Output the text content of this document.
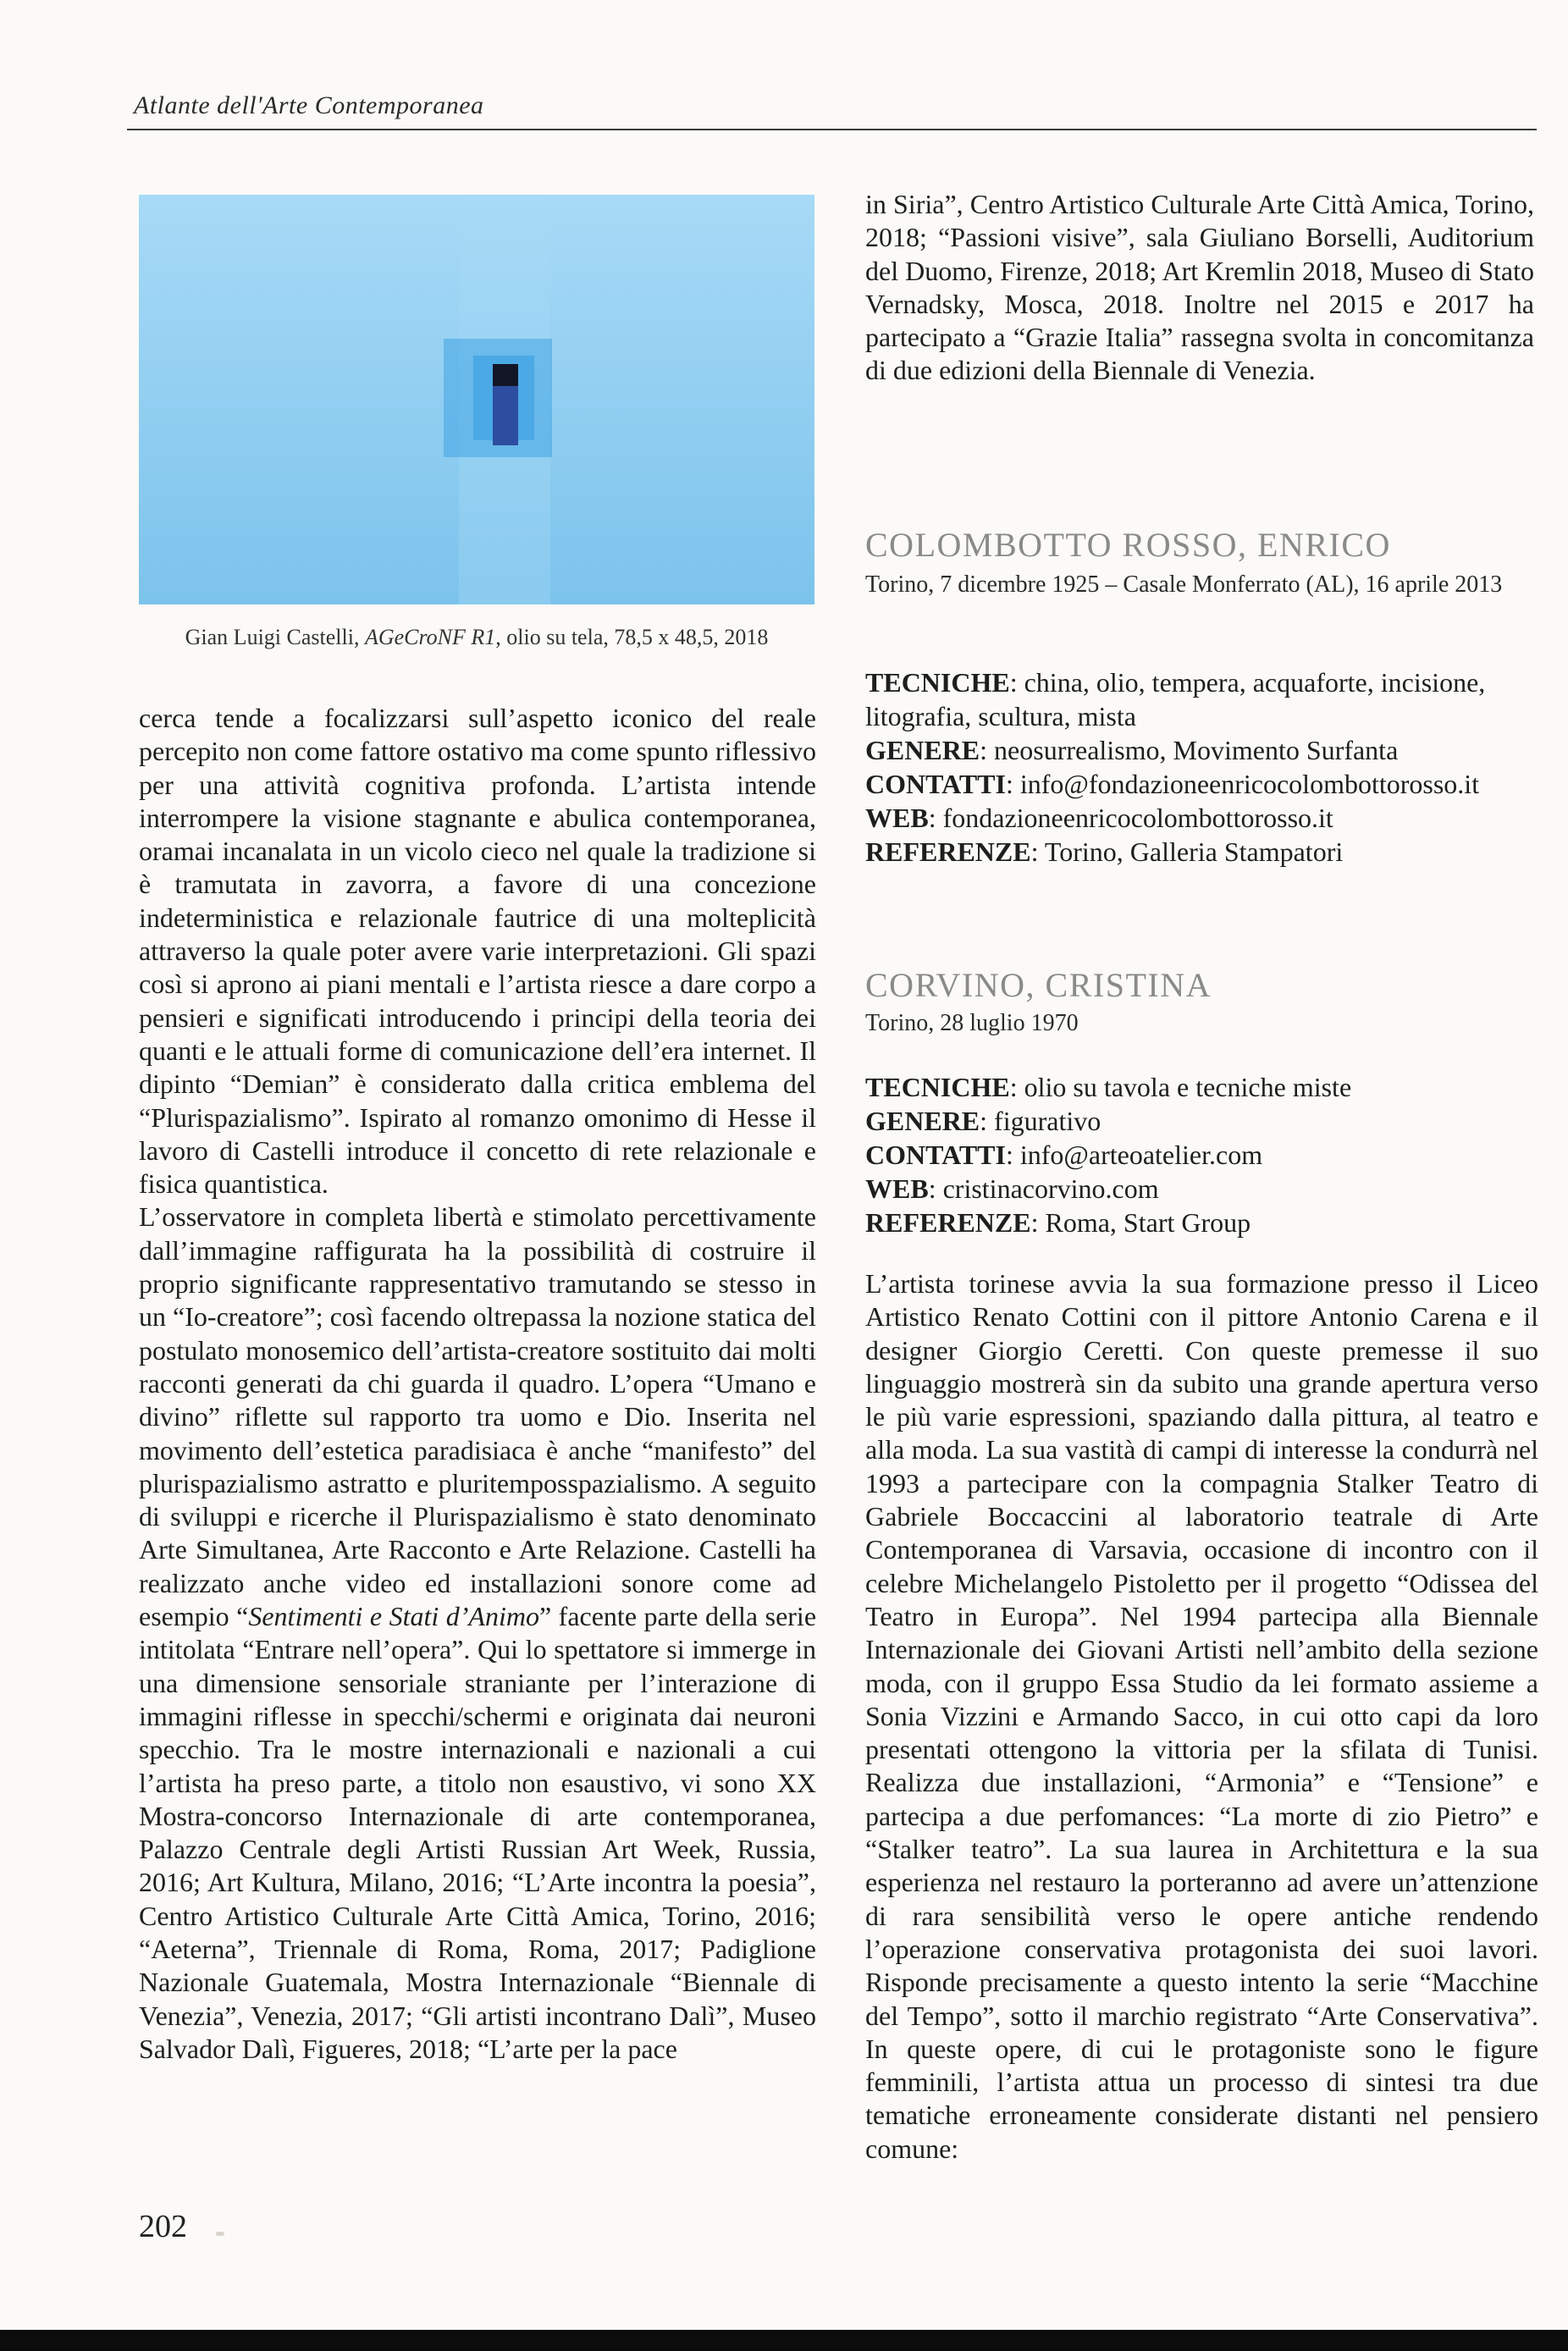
Atlante dell'Arte Contemporanea
Gian Luigi Castelli, AGeCroNF R1, olio su tela, 78,5 x 48,5, 2018

cerca tende a focalizzarsi sull’aspetto iconico del reale percepito non come fattore ostativo ma come spunto riflessivo per una attività cognitiva profonda. L’artista intende interrompere la visione stagnante e abulica contemporanea, oramai incanalata in un vicolo cieco nel quale la tradizione si è tramutata in zavorra, a favore di una concezione indeterministica e relazionale fautrice di una molteplicità attraverso la quale poter avere varie interpretazioni. Gli spazi così si aprono ai piani mentali e l’artista riesce a dare corpo a pensieri e significati introducendo i principi della teoria dei quanti e le attuali forme di comunicazione dell’era internet. Il dipinto “Demian” è considerato dalla critica emblema del “Plurispazialismo”. Ispirato al romanzo omonimo di Hesse il lavoro di Castelli introduce il concetto di rete relazionale e fisica quantistica.

L’osservatore in completa libertà e stimolato percettivamente dall’immagine raffigurata ha la possibilità di costruire il proprio significante rappresentativo tramutando se stesso in un “Io-creatore”; così facendo oltrepassa la nozione statica del postulato monosemico dell’artista-creatore sostituito dai molti racconti generati da chi guarda il quadro. L’opera “Umano e divino” riflette sul rapporto tra uomo e Dio. Inserita nel movimento dell’estetica paradisiaca è anche “manifesto” del plurispazialismo astratto e pluritemposspazialismo. A seguito di sviluppi e ricerche il Plurispazialismo è stato denominato Arte Simultanea, Arte Racconto e Arte Relazione. Castelli ha realizzato anche video ed installazioni sonore come ad esempio “Sentimenti e Stati d’Animo” facente parte della serie intitolata “Entrare nell’opera”. Qui lo spettatore si immerge in una dimensione sensoriale straniante per l’interazione di immagini riflesse in specchi/schermi e originata dai neuroni specchio. Tra le mostre internazionali e nazionali a cui l’artista ha preso parte, a titolo non esaustivo, vi sono XX Mostra-concorso Internazionale di arte contemporanea, Palazzo Centrale degli Artisti Russian Art Week, Russia, 2016; Art Kultura, Milano, 2016; “L’Arte incontra la poesia”, Centro Artistico Culturale Arte Città Amica, Torino, 2016; “Aeterna”, Triennale di Roma, Roma, 2017; Padiglione Nazionale Guatemala, Mostra Internazionale “Biennale di Venezia”, Venezia, 2017; “Gli artisti incontrano Dalì”, Museo Salvador Dalì, Figueres, 2018; “L’arte per la pace

in Siria”, Centro Artistico Culturale Arte Città Amica, Torino, 2018; “Passioni visive”, sala Giuliano Borselli, Auditorium del Duomo, Firenze, 2018; Art Kremlin 2018, Museo di Stato Vernadsky, Mosca, 2018. Inoltre nel 2015 e 2017 ha partecipato a “Grazie Italia” rassegna svolta in concomitanza di due edizioni della Biennale di Venezia.

COLOMBOTTO ROSSO, ENRICO
Torino, 7 dicembre 1925 – Casale Monferrato (AL), 16 aprile 2013
TECNICHE: china, olio, tempera, acquaforte, incisione, litografia, scultura, mista
GENERE: neosurrealismo, Movimento Surfanta
CONTATTI: info@fondazioneenricocolombottorosso.it
WEB: fondazioneenricocolombottorosso.it
REFERENZE: Torino, Galleria Stampatori
CORVINO, CRISTINA
Torino, 28 luglio 1970
TECNICHE: olio su tavola e tecniche miste
GENERE: figurativo
CONTATTI: info@arteoatelier.com
WEB: cristinacorvino.com
REFERENZE: Roma, Start Group

L’artista torinese avvia la sua formazione presso il Liceo Artistico Renato Cottini con il pittore Antonio Carena e il designer Giorgio Ceretti. Con queste premesse il suo linguaggio mostrerà sin da subito una grande apertura verso le più varie espressioni, spaziando dalla pittura, al teatro e alla moda. La sua vastità di campi di interesse la condurrà nel 1993 a partecipare con la compagnia Stalker Teatro di Gabriele Boccaccini al laboratorio teatrale di Arte Contemporanea di Varsavia, occasione di incontro con il celebre Michelangelo Pistoletto per il progetto “Odissea del Teatro in Europa”. Nel 1994 partecipa alla Biennale Internazionale dei Giovani Artisti nell’ambito della sezione moda, con il gruppo Essa Studio da lei formato assieme a Sonia Vizzini e Armando Sacco, in cui otto capi da loro presentati ottengono la vittoria per la sfilata di Tunisi. Realizza due installazioni, “Armonia” e “Tensione” e partecipa a due perfomances: “La morte di zio Pietro” e “Stalker teatro”. La sua laurea in Architettura e la sua esperienza nel restauro la porteranno ad avere un’attenzione di rara sensibilità verso le opere antiche rendendo l’operazione conservativa protagonista dei suoi lavori. Risponde precisamente a questo intento la serie “Macchine del Tempo”, sotto il marchio registrato “Arte Conservativa”. In queste opere, di cui le protagoniste sono le figure femminili, l’artista attua un processo di sintesi tra due tematiche erroneamente considerate distanti nel pensiero comune:

202
